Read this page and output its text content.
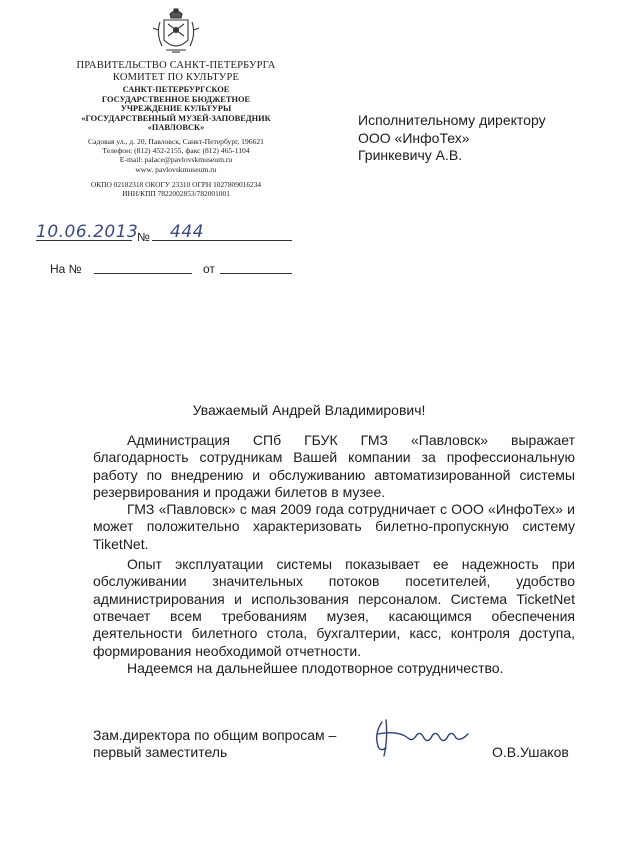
ПРАВИТЕЛЬСТВО САНКТ-ПЕТЕРБУРГА
КОМИТЕТ ПО КУЛЬТУРЕ
САНКТ-ПЕТЕРБУРГСКОЕ
ГОСУДАРСТВЕННОЕ БЮДЖЕТНОЕ
УЧРЕЖДЕНИЕ КУЛЬТУРЫ
«ГОСУДАРСТВЕННЫЙ МУЗЕЙ-ЗАПОВЕДНИК
«ПАВЛОВСК»
Садовая ул., д. 20, Павловск, Санкт-Петербург, 196621
Телефон: (812) 452-2155, факс (812) 465-1104
E-mail: palace@pavlovskmuseum.ru
www. pavlovskmuseum.ru
ОКПО 02182318 ОКОГУ 23310 ОГРН 1027809016234
ИНН/КПП 7822002853/782001001
10.06.2013
№ 444
На №	от
Исполнительному директору
ООО «ИнфоТех»
Гринкевичу А.В.
Уважаемый Андрей Владимирович!

Администрация СПб ГБУК ГМЗ «Павловск» выражает благодарность сотрудникам Вашей компании за профессиональную работу по внедрению и обслуживанию автоматизированной системы резервирования и продажи билетов в музее.

ГМЗ «Павловск» с мая 2009 года сотрудничает с ООО «ИнфоТех» и может положительно характеризовать билетно-пропускную систему TiketNet.

Опыт эксплуатации системы показывает ее надежность при обслуживании значительных потоков посетителей, удобство администрирования и использования персоналом. Система TicketNet отвечает всем требованиям музея, касающимся обеспечения деятельности билетного стола, бухгалтерии, касс, контроля доступа, формирования необходимой отчетности.

Надеемся на дальнейшее плодотворное сотрудничество.

Зам.директора по общим вопросам –
первый заместитель	О.В.Ушаков
